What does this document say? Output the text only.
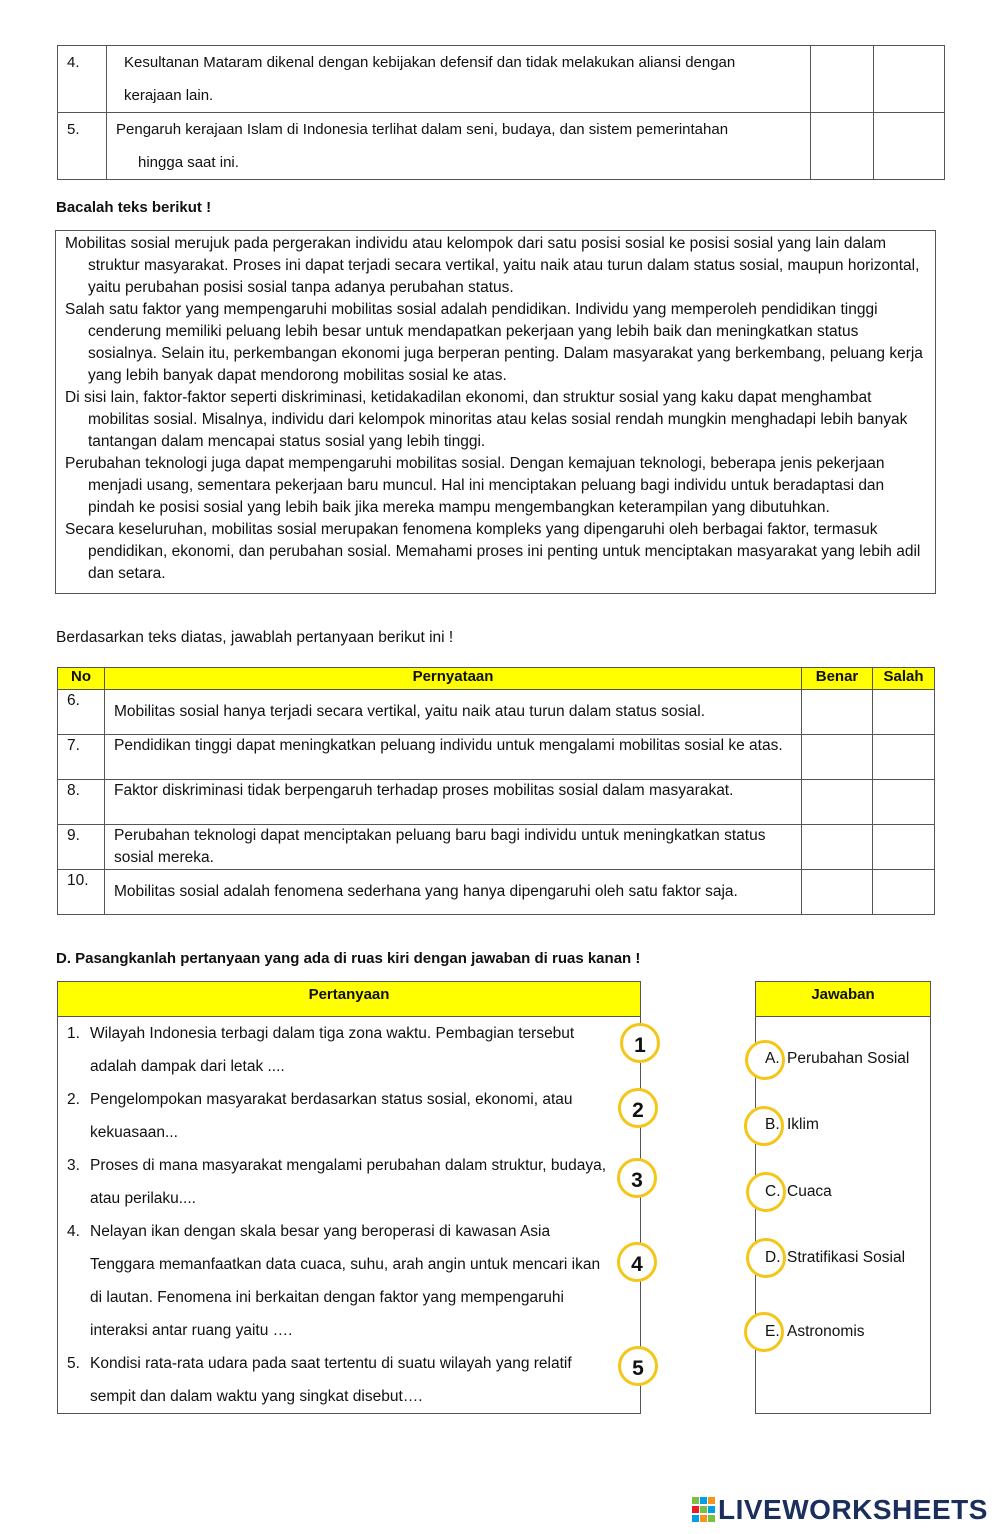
4.	Kesultanan Mataram dikenal dengan kebijakan defensif dan tidak melakukan aliansi dengan
kerajaan lain.		
5.	Pengaruh kerajaan Islam di Indonesia terlihat dalam seni, budaya, dan sistem pemerintahan
hingga saat ini.		
Bacalah teks berikut !

Mobilitas sosial merujuk pada pergerakan individu atau kelompok dari satu posisi sosial ke posisi sosial yang lain dalam struktur masyarakat. Proses ini dapat terjadi secara vertikal, yaitu naik atau turun dalam status sosial, maupun horizontal, yaitu perubahan posisi sosial tanpa adanya perubahan status.

Salah satu faktor yang mempengaruhi mobilitas sosial adalah pendidikan. Individu yang memperoleh pendidikan tinggi cenderung memiliki peluang lebih besar untuk mendapatkan pekerjaan yang lebih baik dan meningkatkan status sosialnya. Selain itu, perkembangan ekonomi juga berperan penting. Dalam masyarakat yang berkembang, peluang kerja yang lebih banyak dapat mendorong mobilitas sosial ke atas.

Di sisi lain, faktor-faktor seperti diskriminasi, ketidakadilan ekonomi, dan struktur sosial yang kaku dapat menghambat mobilitas sosial. Misalnya, individu dari kelompok minoritas atau kelas sosial rendah mungkin menghadapi lebih banyak tantangan dalam mencapai status sosial yang lebih tinggi.

Perubahan teknologi juga dapat mempengaruhi mobilitas sosial. Dengan kemajuan teknologi, beberapa jenis pekerjaan menjadi usang, sementara pekerjaan baru muncul. Hal ini menciptakan peluang bagi individu untuk beradaptasi dan pindah ke posisi sosial yang lebih baik jika mereka mampu mengembangkan keterampilan yang dibutuhkan.

Secara keseluruhan, mobilitas sosial merupakan fenomena kompleks yang dipengaruhi oleh berbagai faktor, termasuk pendidikan, ekonomi, dan perubahan sosial. Memahami proses ini penting untuk menciptakan masyarakat yang lebih adil dan setara.

Berdasarkan teks diatas, jawablah pertanyaan berikut ini !
No	Pernyataan	Benar	Salah
6.	Mobilitas sosial hanya terjadi secara vertikal, yaitu naik atau turun dalam status sosial.		

7.	Pendidikan tinggi dapat meningkatkan peluang individu untuk mengalami mobilitas sosial ke atas.		

8.	Faktor diskriminasi tidak berpengaruh terhadap proses mobilitas sosial dalam masyarakat.		

9.	Perubahan teknologi dapat menciptakan peluang baru bagi individu untuk meningkatkan status sosial mereka.		

10.	Mobilitas sosial adalah fenomena sederhana yang hanya dipengaruhi oleh satu faktor saja.		

D. Pasangkanlah pertanyaan yang ada di ruas kiri dengan jawaban di ruas kanan !
Pertanyaan
1. Wilayah Indonesia terbagi dalam tiga zona waktu. Pembagian tersebut adalah dampak dari letak ....
2. Pengelompokan masyarakat berdasarkan status sosial, ekonomi, atau kekuasaan...
3. Proses di mana masyarakat mengalami perubahan dalam struktur, budaya, atau perilaku....
4. Nelayan ikan dengan skala besar yang beroperasi di kawasan Asia Tenggara memanfaatkan data cuaca, suhu, arah angin untuk mencari ikan di lautan. Fenomena ini berkaitan dengan faktor yang mempengaruhi interaksi antar ruang yaitu ….
5. Kondisi rata-rata udara pada saat tertentu di suatu wilayah yang relatif sempit dan dalam waktu yang singkat disebut….
1
2
3
4
5
Jawaban
A. Perubahan Sosial
B. Iklim
C. Cuaca
D. Stratifikasi Sosial
E. Astronomis
LIVEWORKSHEETS
